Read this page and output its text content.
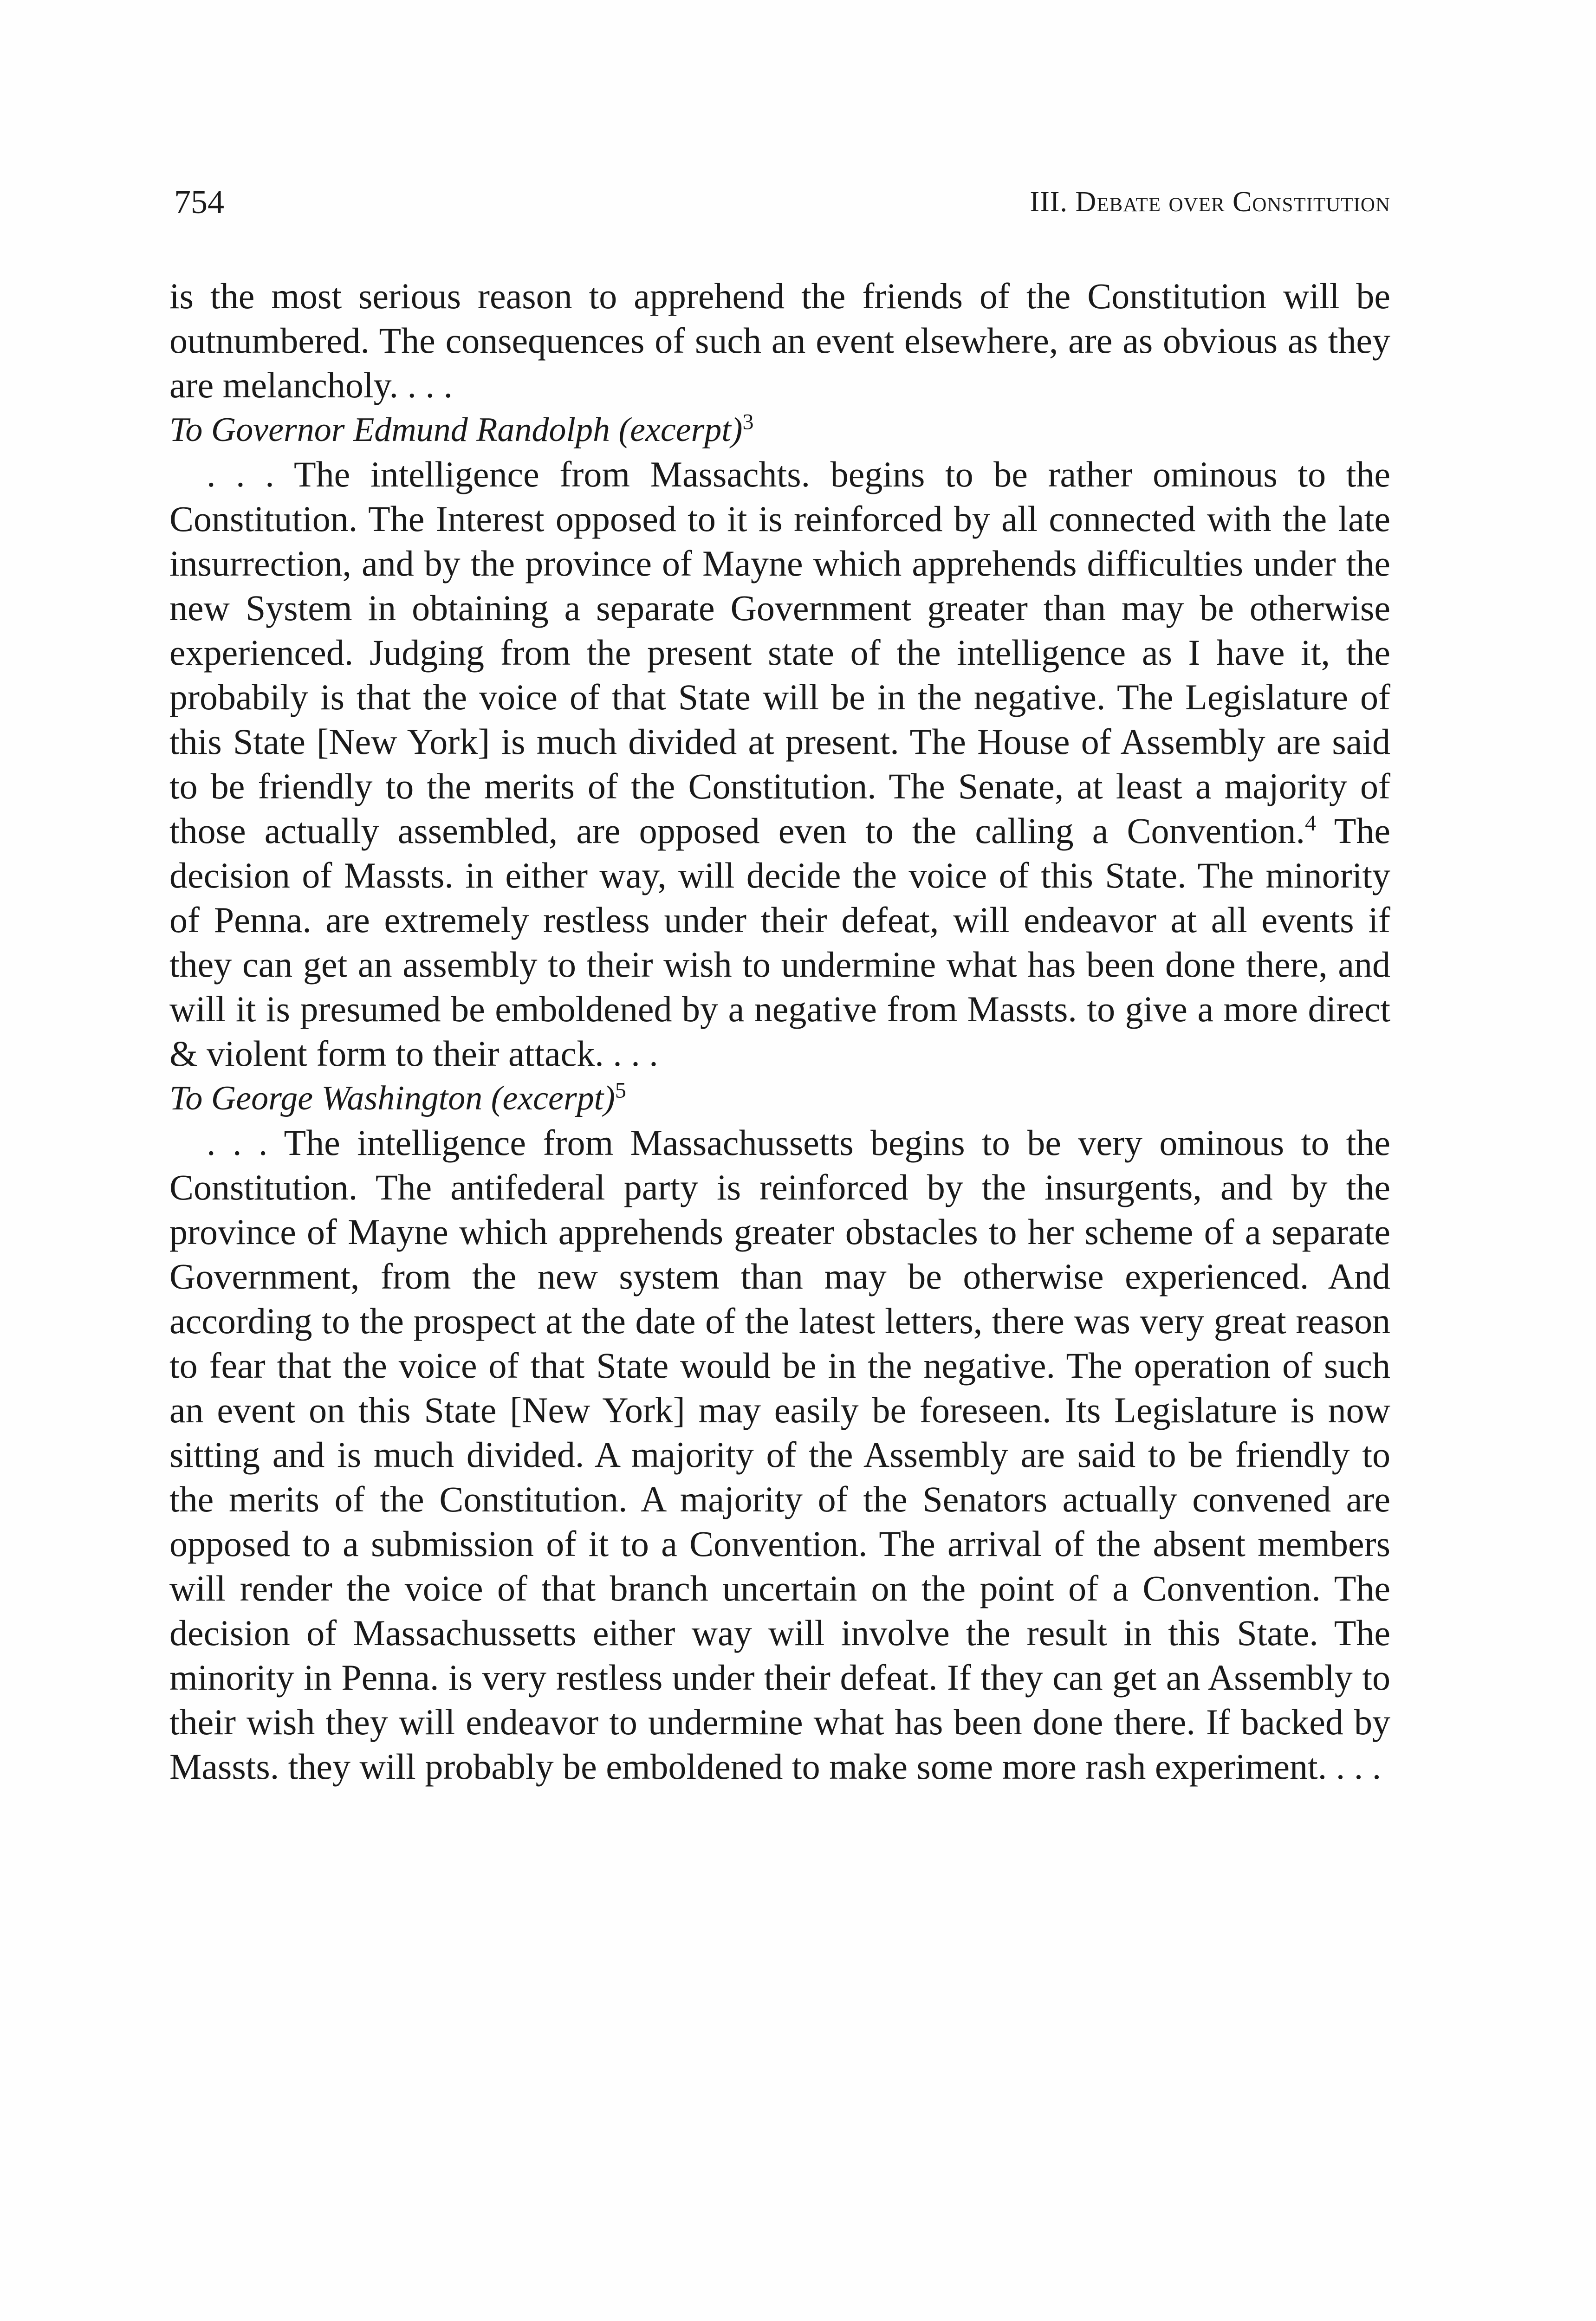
754	III. Debate over Constitution

is the most serious reason to apprehend the friends of the Constitution will be outnumbered. The consequences of such an event elsewhere, are as obvious as they are melancholy. . . .

To Governor Edmund Randolph (excerpt)$^3$

. . . The intelligence from Massachts. begins to be rather ominous to the Constitution. The Interest opposed to it is reinforced by all connected with the late insurrection, and by the province of Mayne which apprehends difficulties under the new System in obtaining a separate Government greater than may be otherwise experienced. Judging from the present state of the intelligence as I have it, the probabily is that the voice of that State will be in the negative. The Legislature of this State [New York] is much divided at present. The House of Assembly are said to be friendly to the merits of the Constitution. The Senate, at least a majority of those actually assembled, are opposed even to the calling a Convention.$^4$ The decision of Massts. in either way, will decide the voice of this State. The minority of Penna. are extremely restless under their defeat, will endeavor at all events if they can get an assembly to their wish to undermine what has been done there, and will it is presumed be emboldened by a negative from Massts. to give a more direct & violent form to their attack. . . .

To George Washington (excerpt)$^5$

. . . The intelligence from Massachussetts begins to be very ominous to the Constitution. The antifederal party is reinforced by the insurgents, and by the province of Mayne which apprehends greater obstacles to her scheme of a separate Government, from the new system than may be otherwise experienced. And according to the prospect at the date of the latest letters, there was very great reason to fear that the voice of that State would be in the negative. The operation of such an event on this State [New York] may easily be foreseen. Its Legislature is now sitting and is much divided. A majority of the Assembly are said to be friendly to the merits of the Constitution. A majority of the Senators actually convened are opposed to a submission of it to a Convention. The arrival of the absent members will render the voice of that branch uncertain on the point of a Convention. The decision of Massachussetts either way will involve the result in this State. The minority in Penna. is very restless under their defeat. If they can get an Assembly to their wish they will endeavor to undermine what has been done there. If backed by Massts. they will probably be emboldened to make some more rash experiment. . . .
